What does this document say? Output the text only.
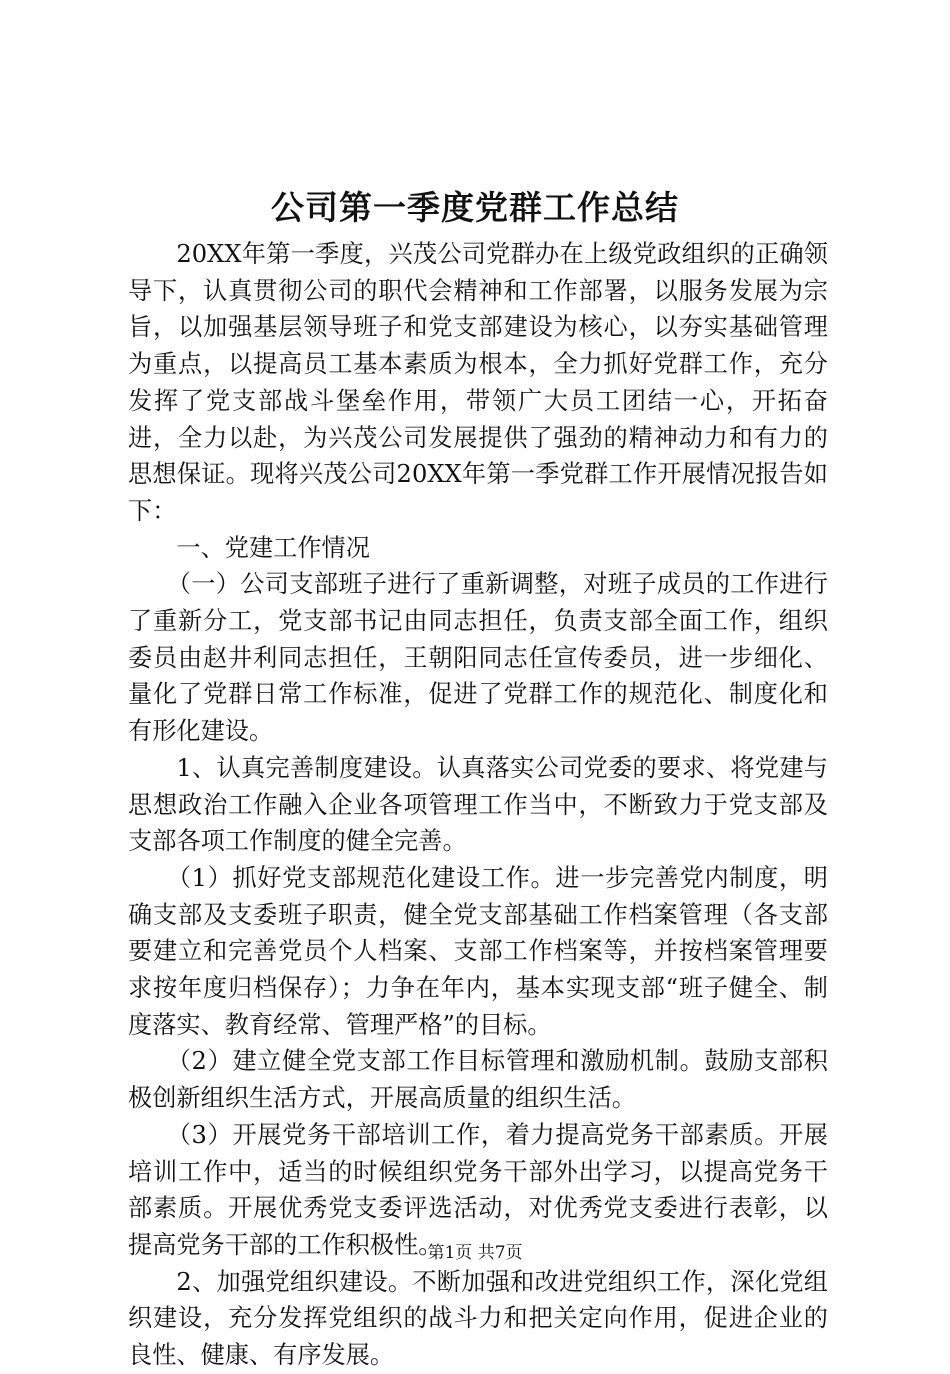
公司第一季度党群工作总结

20XX年第一季度，兴茂公司党群办在上级党政组织的正确领导下，认真贯彻公司的职代会精神和工作部署，以服务发展为宗旨，以加强基层领导班子和党支部建设为核心，以夯实基础管理为重点，以提高员工基本素质为根本，全力抓好党群工作，充分发挥了党支部战斗堡垒作用，带领广大员工团结一心，开拓奋进，全力以赴，为兴茂公司发展提供了强劲的精神动力和有力的思想保证。现将兴茂公司20XX年第一季党群工作开展情况报告如下：

一、党建工作情况

（一）公司支部班子进行了重新调整，对班子成员的工作进行了重新分工，党支部书记由同志担任，负责支部全面工作，组织委员由赵井利同志担任，王朝阳同志任宣传委员，进一步细化、量化了党群日常工作标准，促进了党群工作的规范化、制度化和有形化建设。

1、认真完善制度建设。认真落实公司党委的要求、将党建与思想政治工作融入企业各项管理工作当中，不断致力于党支部及支部各项工作制度的健全完善。

（1）抓好党支部规范化建设工作。进一步完善党内制度，明确支部及支委班子职责，健全党支部基础工作档案管理（各支部要建立和完善党员个人档案、支部工作档案等，并按档案管理要求按年度归档保存）；力争在年内，基本实现支部“班子健全、制度落实、教育经常、管理严格”的目标。

（2）建立健全党支部工作目标管理和激励机制。鼓励支部积极创新组织生活方式，开展高质量的组织生活。

（3）开展党务干部培训工作，着力提高党务干部素质。开展培训工作中，适当的时候组织党务干部外出学习，以提高党务干部素质。开展优秀党支委评选活动，对优秀党支委进行表彰，以提高党务干部的工作积极性。

2、加强党组织建设。不断加强和改进党组织工作，深化党组织建设，充分发挥党组织的战斗力和把关定向作用，促进企业的良性、健康、有序发展。

第1页 共7页
